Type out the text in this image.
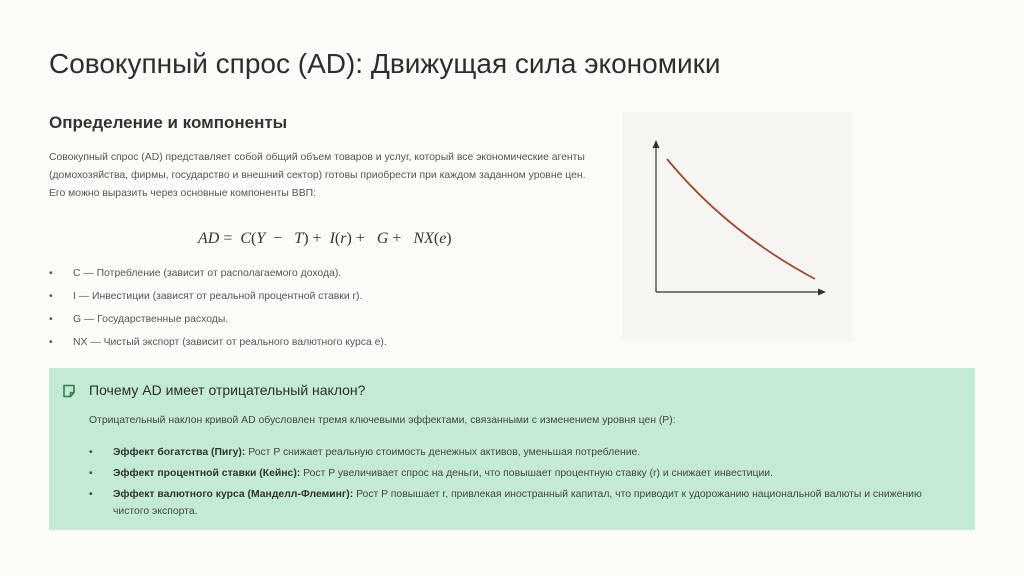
Совокупный спрос (AD): Движущая сила экономики
Определение и компоненты

Совокупный спрос (AD) представляет собой общий объем товаров и услуг, который все экономические агенты (домохозяйства, фирмы, государство и внешний сектор) готовы приобрести при каждом заданном уровне цен. Его можно выразить через основные компоненты ВВП:

AD =  C(Y  −   T) +  I(r) +   G +   NX(e)
•	C — Потребление (зависит от располагаемого дохода).
•	I — Инвестиции (зависят от реальной процентной ставки r).
•	G — Государственные расходы.
•	NX — Чистый экспорт (зависит от реального валютного курса e).
Почему AD имеет отрицательный наклон?
Отрицательный наклон кривой AD обусловлен тремя ключевыми эффектами, связанными с изменением уровня цен (P):
•	Эффект богатства (Пигу): Рост P снижает реальную стоимость денежных активов, уменьшая потребление.
•	Эффект процентной ставки (Кейнс): Рост P увеличивает спрос на деньги, что повышает процентную ставку (r) и снижает инвестиции.
•	Эффект валютного курса (Манделл-Флеминг): Рост P повышает r, привлекая иностранный капитал, что приводит к удорожанию национальной валюты и снижению чистого экспорта.
